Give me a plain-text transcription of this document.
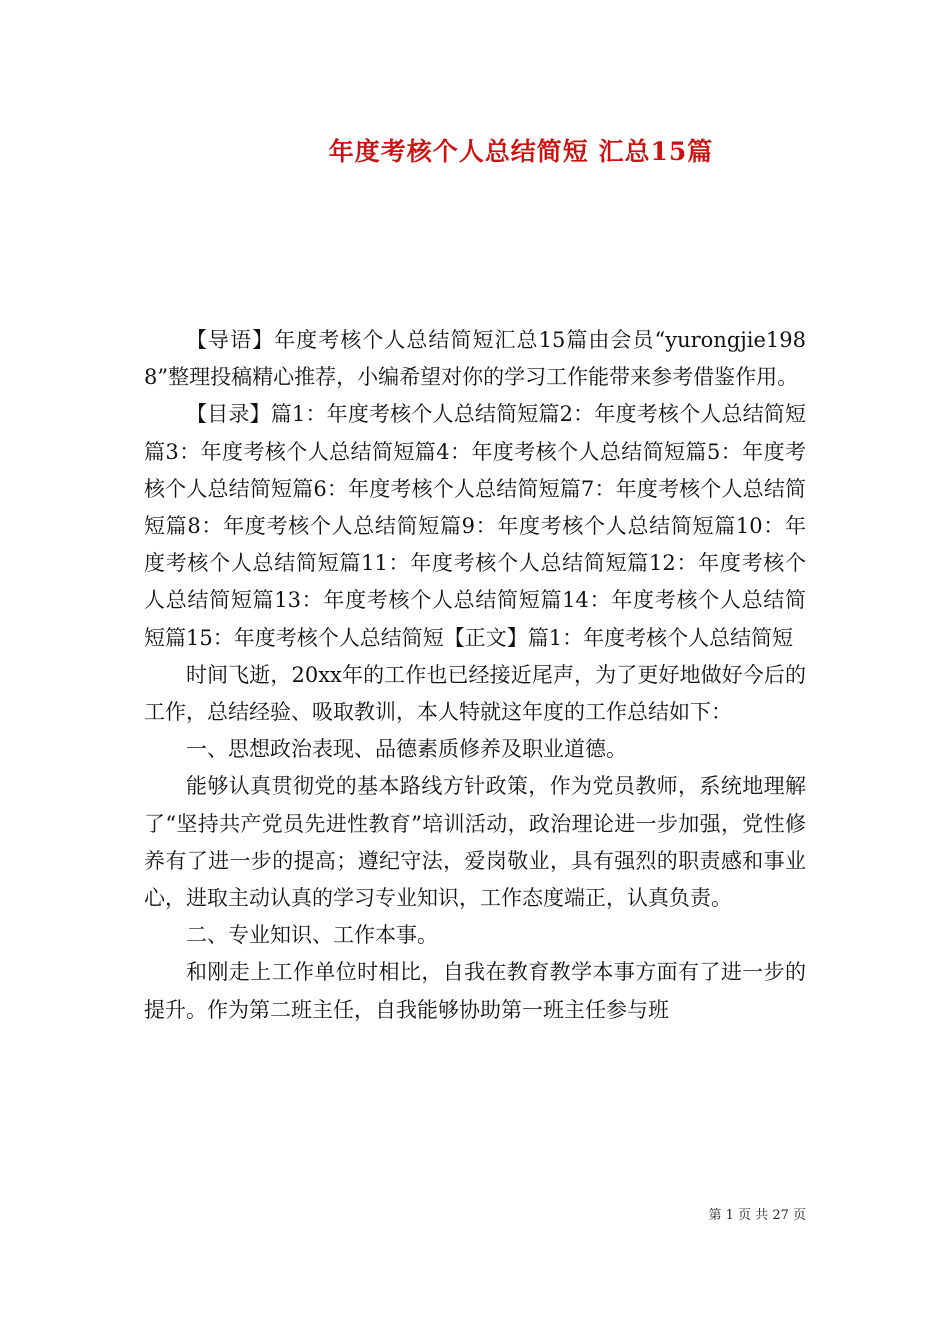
年度考核个人总结简短 汇总15篇

【导语】年度考核个人总结简短汇总15篇由会员“yurongjie1988”整理投稿精心推荐，小编希望对你的学习工作能带来参考借鉴作用。

【目录】篇1：年度考核个人总结简短篇2：年度考核个人总结简短篇3：年度考核个人总结简短篇4：年度考核个人总结简短篇5：年度考核个人总结简短篇6：年度考核个人总结简短篇7：年度考核个人总结简短篇8：年度考核个人总结简短篇9：年度考核个人总结简短篇10：年度考核个人总结简短篇11：年度考核个人总结简短篇12：年度考核个人总结简短篇13：年度考核个人总结简短篇14：年度考核个人总结简短篇15：年度考核个人总结简短【正文】篇1：年度考核个人总结简短

时间飞逝，20xx年的工作也已经接近尾声，为了更好地做好今后的工作，总结经验、吸取教训，本人特就这年度的工作总结如下：

一、思想政治表现、品德素质修养及职业道德。

能够认真贯彻党的基本路线方针政策，作为党员教师，系统地理解了“坚持共产党员先进性教育”培训活动，政治理论进一步加强，党性修养有了进一步的提高；遵纪守法，爱岗敬业，具有强烈的职责感和事业心，进取主动认真的学习专业知识，工作态度端正，认真负责。

二、专业知识、工作本事。

和刚走上工作单位时相比，自我在教育教学本事方面有了进一步的提升。作为第二班主任，自我能够协助第一班主任参与班

第 1 页 共 27 页
